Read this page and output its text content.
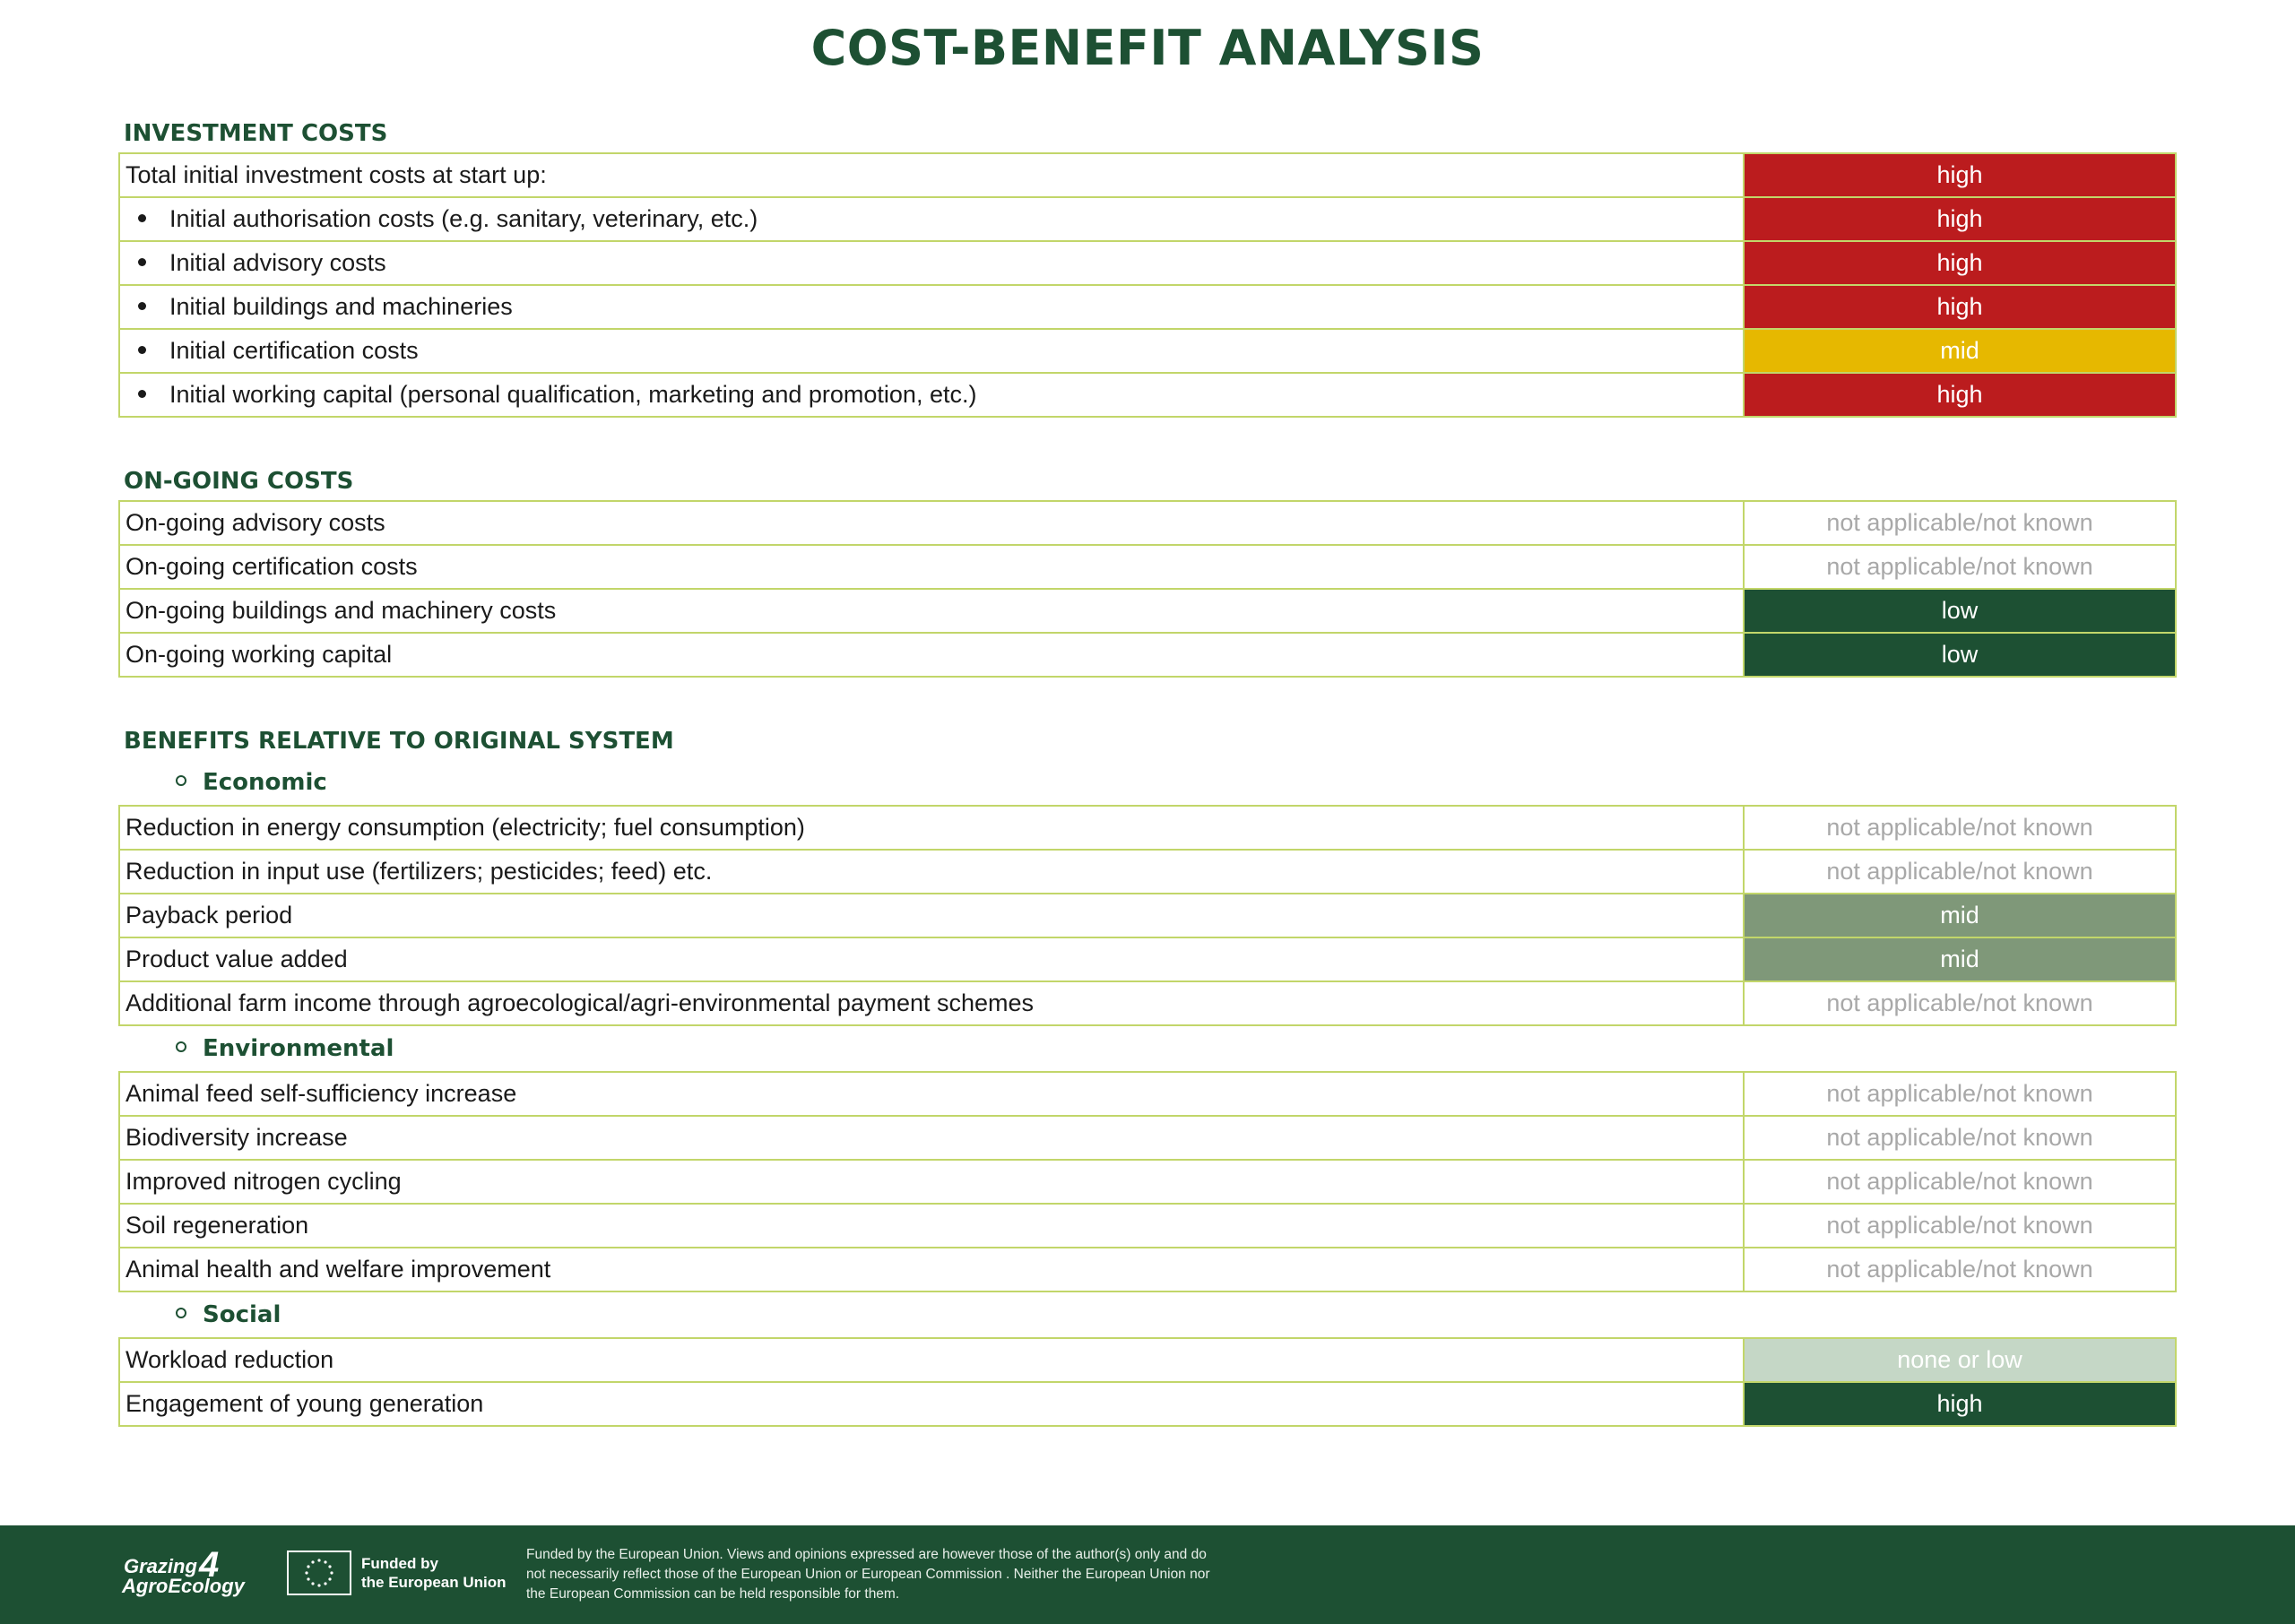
COST-BENEFIT ANALYSIS
INVESTMENT COSTS
Total initial investment costs at start up:	high
Initial authorisation costs (e.g. sanitary, veterinary, etc.)	high
Initial advisory costs	high
Initial buildings and machineries	high
Initial certification costs	mid
Initial working capital (personal qualification, marketing and promotion, etc.)	high
ON-GOING COSTS
On-going advisory costs	not applicable/not known
On-going certification costs	not applicable/not known
On-going buildings and machinery costs	low
On-going working capital	low
BENEFITS RELATIVE TO ORIGINAL SYSTEM
Economic
Reduction in energy consumption (electricity; fuel consumption)	not applicable/not known
Reduction in input use (fertilizers; pesticides; feed) etc.	not applicable/not known
Payback period	mid
Product value added	mid
Additional farm income through agroecological/agri-environmental payment schemes	not applicable/not known
Environmental
Animal feed self-sufficiency increase	not applicable/not known
Biodiversity increase	not applicable/not known
Improved nitrogen cycling	not applicable/not known
Soil regeneration	not applicable/not known
Animal health and welfare improvement	not applicable/not known
Social
Workload reduction	none or low
Engagement of young generation	high
Grazing 4
AgroEcology
Funded by
the European Union
Funded by the European Union. Views and opinions expressed are however those of the author(s) only and do not necessarily reflect those of the European Union or European Commission . Neither the European Union nor the European Commission can be held responsible for them.
